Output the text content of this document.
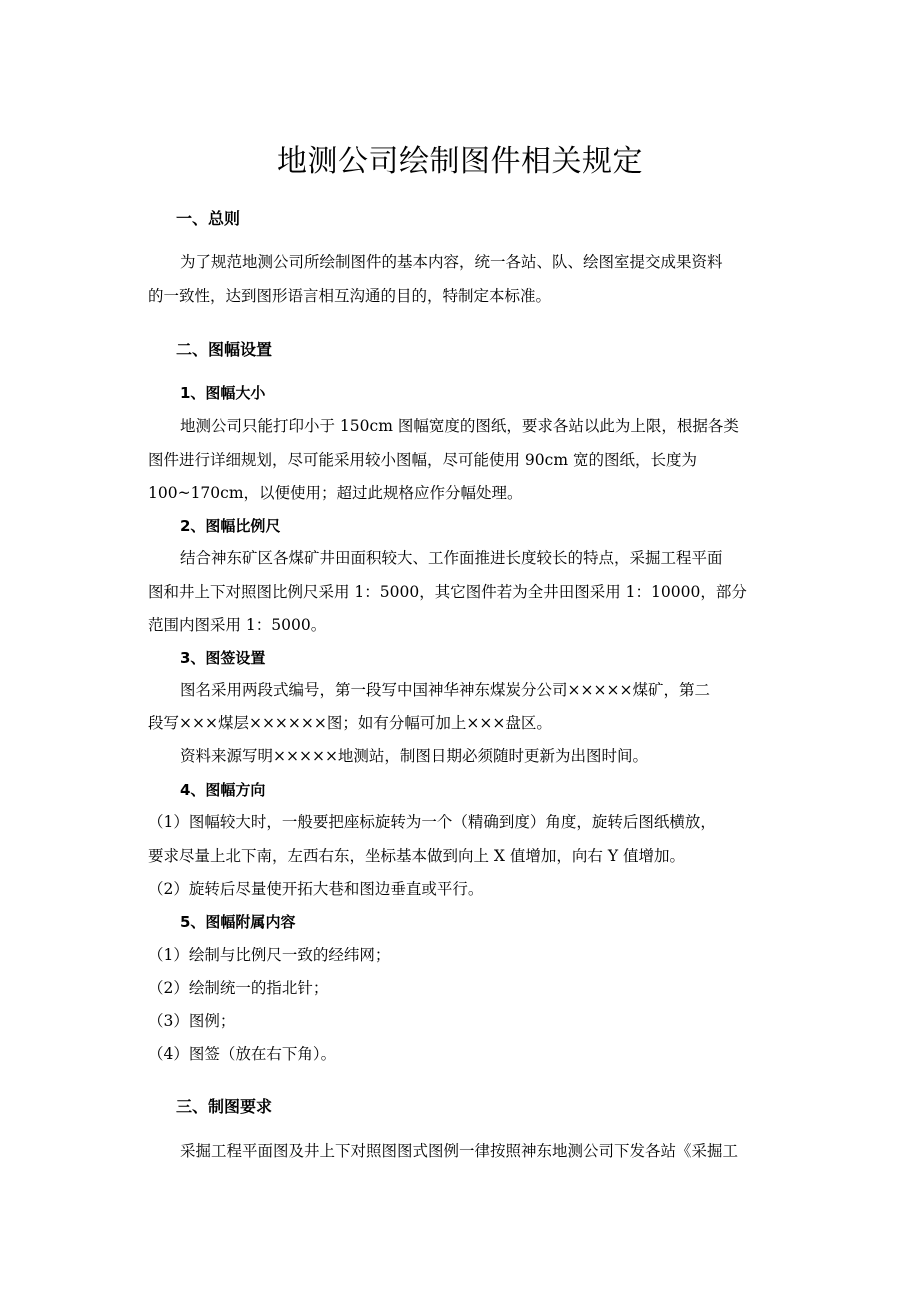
地测公司绘制图件相关规定
一、总则
为了规范地测公司所绘制图件的基本内容，统一各站、队、绘图室提交成果资料
的一致性，达到图形语言相互沟通的目的，特制定本标准。
二、图幅设置
1、图幅大小
地测公司只能打印小于 150cm 图幅宽度的图纸，要求各站以此为上限，根据各类
图件进行详细规划，尽可能采用较小图幅，尽可能使用 90cm 宽的图纸，长度为
100~170cm，以便使用；超过此规格应作分幅处理。
2、图幅比例尺
结合神东矿区各煤矿井田面积较大、工作面推进长度较长的特点，采掘工程平面
图和井上下对照图比例尺采用 1：5000，其它图件若为全井田图采用 1：10000，部分
范围内图采用 1：5000。
3、图签设置
图名采用两段式编号，第一段写中国神华神东煤炭分公司×××××煤矿，第二
段写×××煤层××××××图；如有分幅可加上×××盘区。
资料来源写明×××××地测站，制图日期必须随时更新为出图时间。
4、图幅方向
（1）图幅较大时，一般要把座标旋转为一个（精确到度）角度，旋转后图纸横放，
要求尽量上北下南，左西右东，坐标基本做到向上 X 值增加，向右 Y 值增加。
（2）旋转后尽量使开拓大巷和图边垂直或平行。
5、图幅附属内容
（1）绘制与比例尺一致的经纬网；
（2）绘制统一的指北针；
（3）图例；
（4）图签（放在右下角）。
三、制图要求
采掘工程平面图及井上下对照图图式图例一律按照神东地测公司下发各站《采掘工
